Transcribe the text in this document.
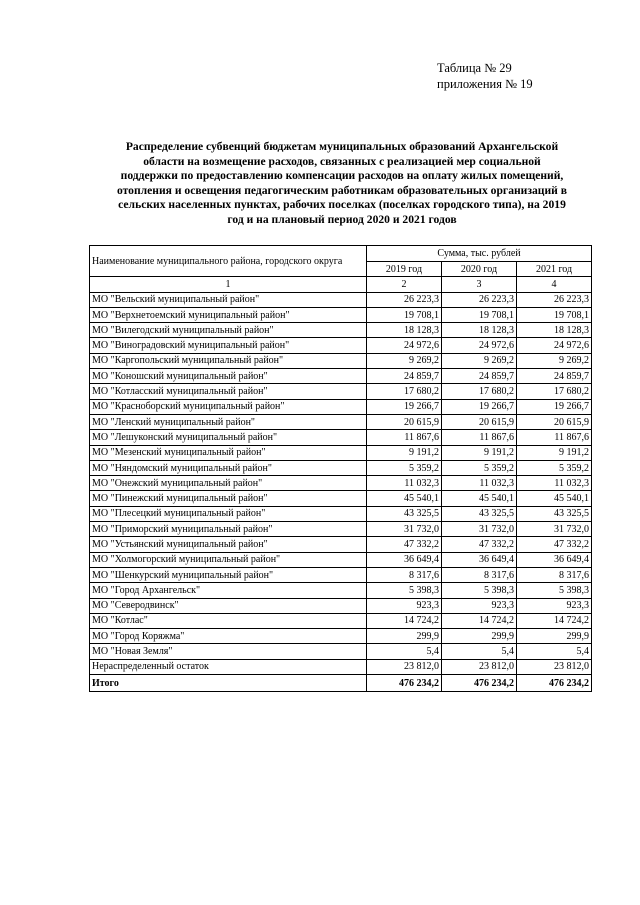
Таблица № 29
приложения № 19
Распределение субвенций бюджетам муниципальных образований Архангельской
области на возмещение расходов, связанных с реализацией мер социальной
поддержки по предоставлению компенсации расходов на оплату жилых помещений,
отопления и освещения педагогическим работникам образовательных организаций в
сельских населенных пунктах, рабочих поселках (поселках городского типа), на 2019
год и на плановый период 2020 и 2021 годов
Наименование муниципального района, городского округа	Сумма, тыс. рублей		
	2019 год	2020 год	2021 год
1	2	3	4
МО "Вельский муниципальный район"	26 223,3	26 223,3	26 223,3
МО "Верхнетоемский муниципальный район"	19 708,1	19 708,1	19 708,1
МО "Вилегодский муниципальный район"	18 128,3	18 128,3	18 128,3
МО "Виноградовский муниципальный район"	24 972,6	24 972,6	24 972,6
МО "Каргопольский муниципальный район"	9 269,2	9 269,2	9 269,2
МО "Коношский муниципальный район"	24 859,7	24 859,7	24 859,7
МО "Котласский муниципальный район"	17 680,2	17 680,2	17 680,2
МО "Красноборский муниципальный район"	19 266,7	19 266,7	19 266,7
МО "Ленский муниципальный район"	20 615,9	20 615,9	20 615,9
МО "Лешуконский муниципальный район"	11 867,6	11 867,6	11 867,6
МО "Мезенский муниципальный район"	9 191,2	9 191,2	9 191,2
МО "Няндомский муниципальный район"	5 359,2	5 359,2	5 359,2
МО "Онежский муниципальный район"	11 032,3	11 032,3	11 032,3
МО "Пинежский муниципальный район"	45 540,1	45 540,1	45 540,1
МО "Плесецкий муниципальный район"	43 325,5	43 325,5	43 325,5
МО "Приморский муниципальный район"	31 732,0	31 732,0	31 732,0
МО "Устьянский муниципальный район"	47 332,2	47 332,2	47 332,2
МО "Холмогорский муниципальный район"	36 649,4	36 649,4	36 649,4
МО "Шенкурский муниципальный район"	8 317,6	8 317,6	8 317,6
МО "Город Архангельск"	5 398,3	5 398,3	5 398,3
МО "Северодвинск"	923,3	923,3	923,3
МО "Котлас"	14 724,2	14 724,2	14 724,2
МО "Город Коряжма"	299,9	299,9	299,9
МО "Новая Земля"	5,4	5,4	5,4
Нераспределенный остаток	23 812,0	23 812,0	23 812,0
Итого	476 234,2	476 234,2	476 234,2
